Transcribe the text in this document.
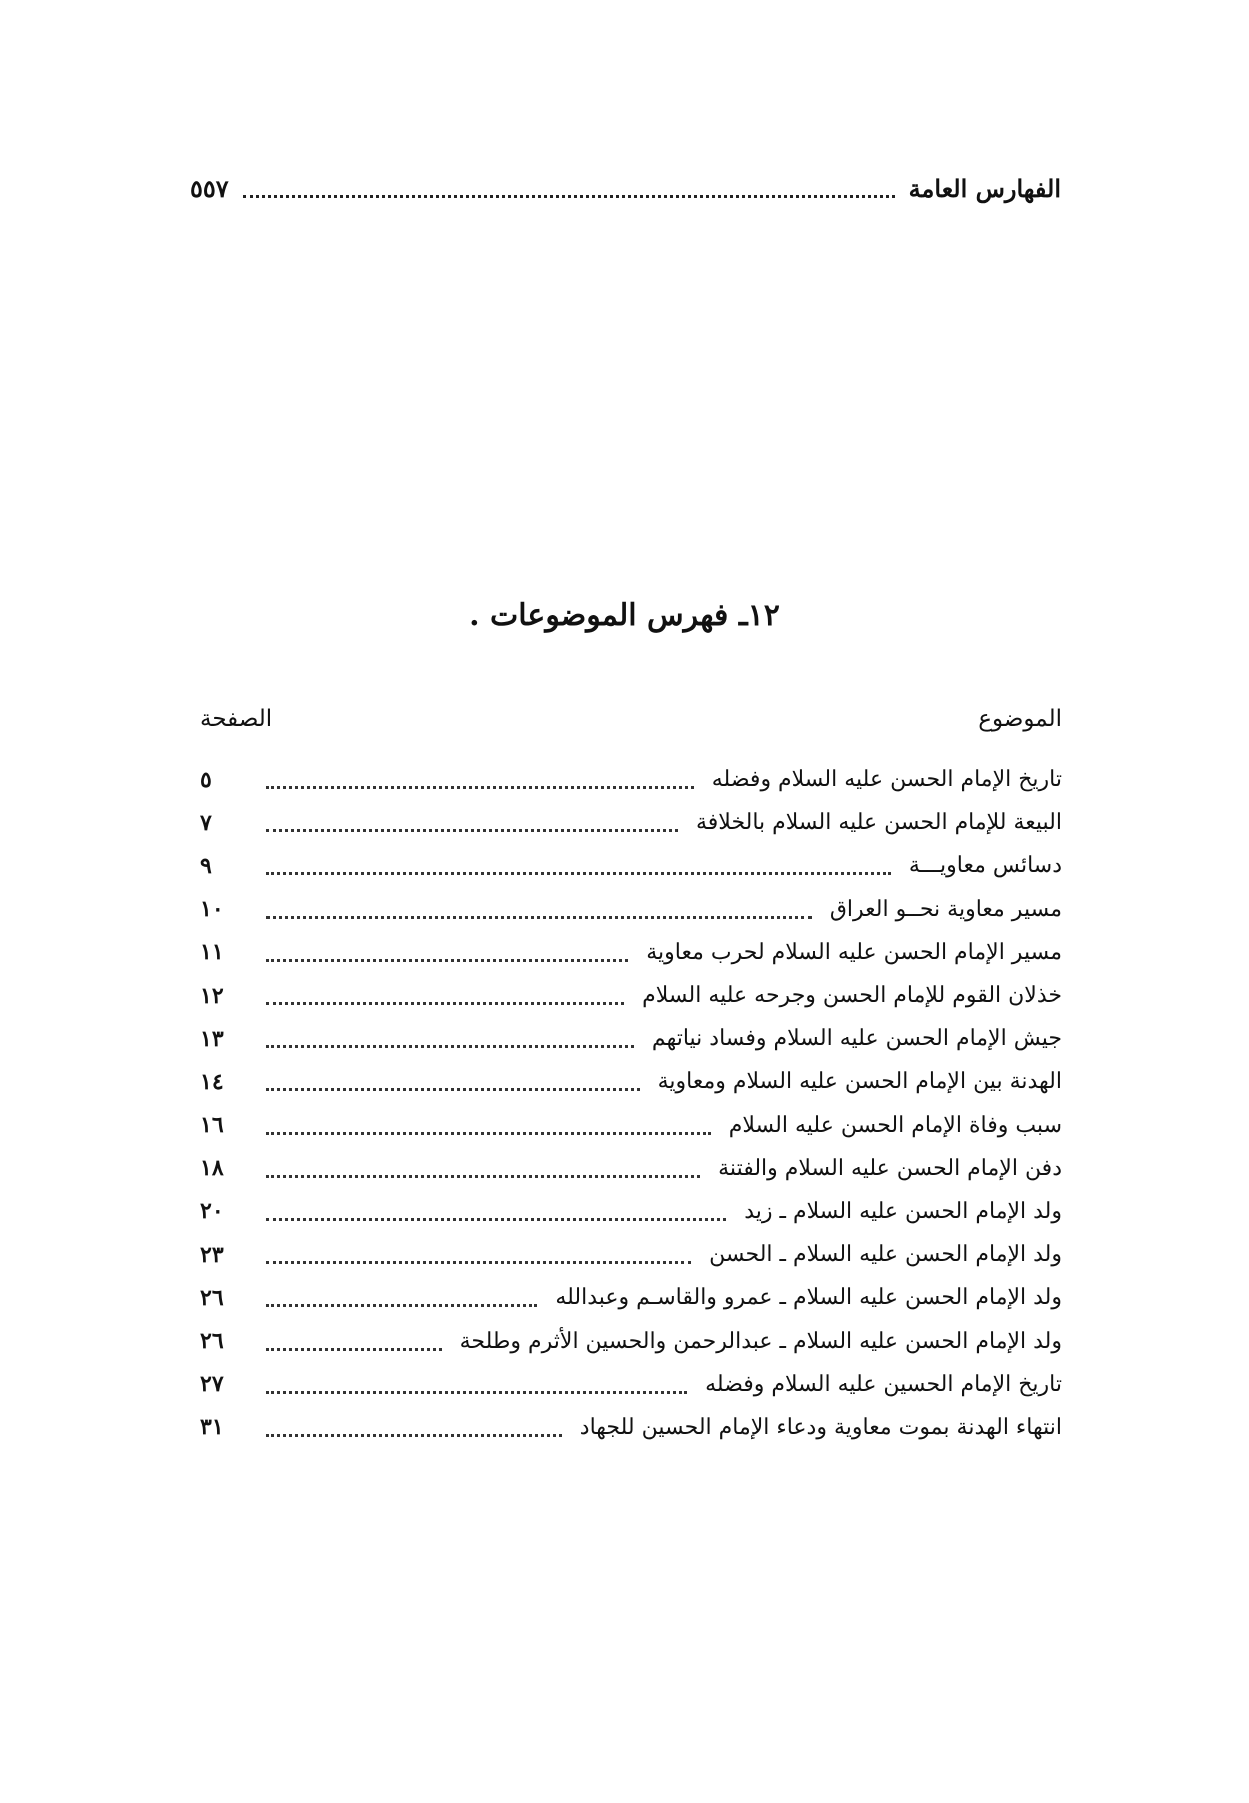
الفهارس العامة
٥٥٧
١٢ـ فهرس الموضوعات .
الموضوع
الصفحة
تاريخ الإمام الحسن عليه السلام وفضله
٥
البيعة للإمام الحسن عليه السلام بالخلافة
٧
دسائس معاويـــة
٩
مسير معاوية نحــو العراق
١٠
مسير الإمام الحسن عليه السلام لحرب معاوية
١١
خذلان القوم للإمام الحسن وجرحه عليه السلام
١٢
جيش الإمام الحسن عليه السلام وفساد نياتهم
١٣
الهدنة بين الإمام الحسن عليه السلام ومعاوية
١٤
سبب وفاة الإمام الحسن عليه السلام
١٦
دفن الإمام الحسن عليه السلام والفتنة
١٨
ولد الإمام الحسن عليه السلام ـ زيد
٢٠
ولد الإمام الحسن عليه السلام ـ الحسن
٢٣
ولد الإمام الحسن عليه السلام ـ عمرو والقاسـم وعبدالله
٢٦
ولد الإمام الحسن عليه السلام ـ عبدالرحمن والحسين الأثرم وطلحة
٢٦
تاريخ الإمام الحسين عليه السلام وفضله
٢٧
انتهاء الهدنة بموت معاوية ودعاء الإمام الحسين للجهاد
٣١
